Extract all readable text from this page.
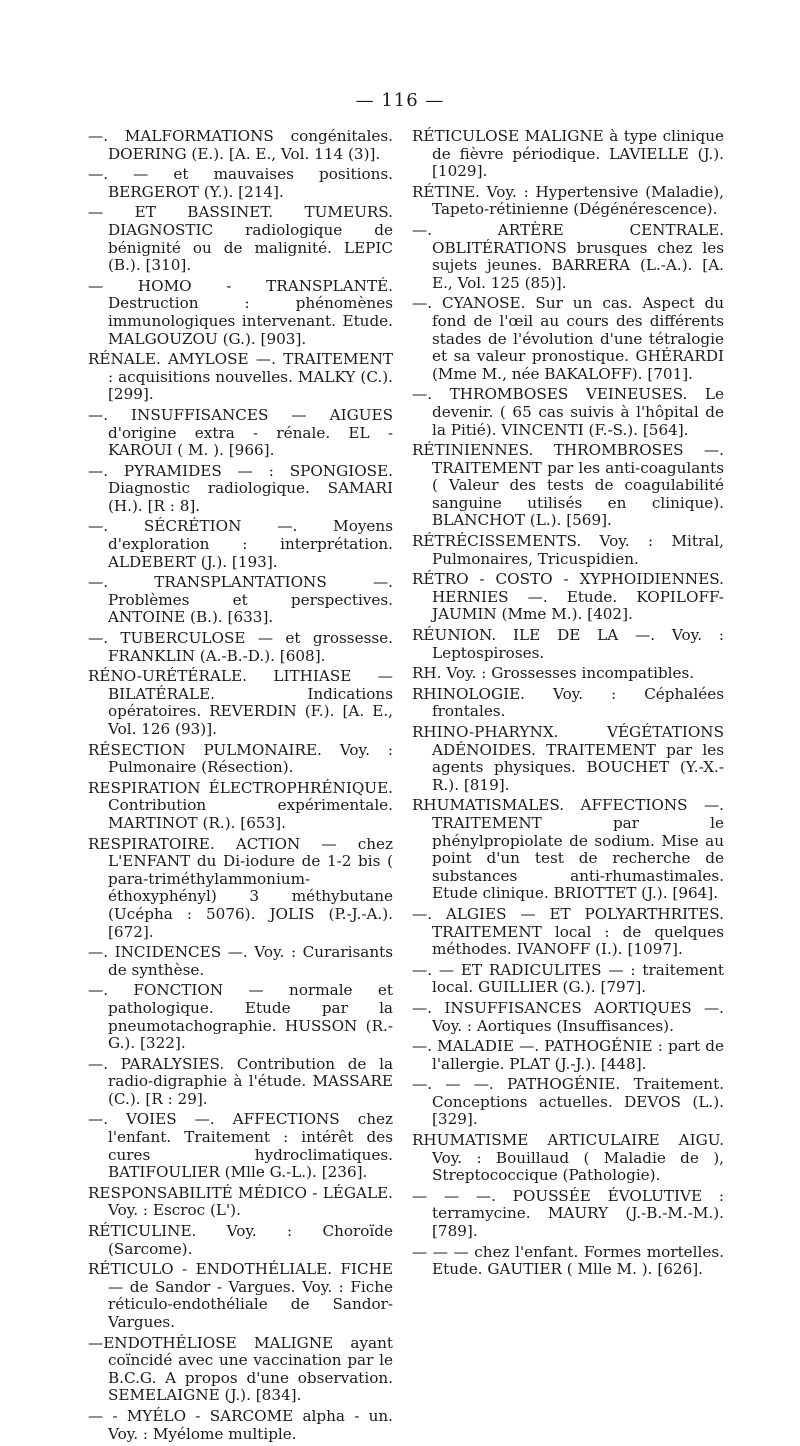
— 116 —

—. MALFORMATIONS congénitales. DOERING (E.). [A. E., Vol. 114 (3)].

—. — et mauvaises positions. BERGEROT (Y.). [214].

— ET BASSINET. TUMEURS. DIAGNOSTIC radiologique de bénignité ou de malignité. LEPIC (B.). [310].

— HOMO - TRANSPLANTÉ. Destruction : phénomènes immunologiques intervenant. Etude. MALGOUZOU (G.). [903].

RÉNALE. AMYLOSE —. TRAITEMENT : acquisitions nouvelles. MALKY (C.). [299].

—. INSUFFISANCES — AIGUES d'origine extra - rénale. EL - KAROUI ( M. ). [966].

—. PYRAMIDES — : SPONGIOSE. Diagnostic radiologique. SAMARI (H.). [R : 8].

—. SÉCRÉTION —. Moyens d'exploration : interprétation. ALDEBERT (J.). [193].

—. TRANSPLANTATIONS —. Problèmes et perspectives. ANTOINE (B.). [633].

—. TUBERCULOSE — et grossesse. FRANKLIN (A.-B.-D.). [608].

RÉNO-URÉTÉRALE. LITHIASE — BILATÉRALE. Indications opératoires. REVERDIN (F.). [A. E., Vol. 126 (93)].

RÉSECTION PULMONAIRE. Voy. : Pulmonaire (Résection).

RESPIRATION ÉLECTROPHRÉNIQUE. Contribution expérimentale. MARTINOT (R.). [653].

RESPIRATOIRE. ACTION — chez L'ENFANT du Di-iodure de 1-2 bis ( para-triméthylammonium-éthoxyphényl) 3 méthybutane (Ucépha : 5076). JOLIS (P.-J.-A.). [672].

—. INCIDENCES —. Voy. : Curarisants de synthèse.

—. FONCTION — normale et pathologique. Etude par la pneumotachographie. HUSSON (R.-G.). [322].

—. PARALYSIES. Contribution de la radio-digraphie à l'étude. MASSARE (C.). [R : 29].

—. VOIES —. AFFECTIONS chez l'enfant. Traitement : intérêt des cures hydroclimatiques. BATIFOULIER (Mlle G.-L.). [236].

RESPONSABILITÉ MÉDICO - LÉGALE. Voy. : Escroc (L').

RÉTICULINE. Voy. : Choroïde (Sarcome).

RÉTICULO - ENDOTHÉLIALE. FICHE — de Sandor - Vargues. Voy. : Fiche réticulo-endothéliale de Sandor-Vargues.

—ENDOTHÉLIOSE MALIGNE ayant coïncidé avec une vaccination par le B.C.G. A propos d'une observation. SEMELAIGNE (J.). [834].

— - MYÉLO - SARCOME alpha - un. Voy. : Myélome multiple.

RÉTICULOSE MALIGNE à type clinique de fièvre périodique. LAVIELLE (J.). [1029].

RÉTINE. Voy. : Hypertensive (Maladie), Tapeto-rétinienne (Dégénérescence).

—. ARTÈRE CENTRALE. OBLITÉRATIONS brusques chez les sujets jeunes. BARRERA (L.-A.). [A. E., Vol. 125 (85)].

—. CYANOSE. Sur un cas. Aspect du fond de l'œil au cours des différents stades de l'évolution d'une tétralogie et sa valeur pronostique. GHÉRARDI (Mme M., née BAKALOFF). [701].

—. THROMBOSES VEINEUSES. Le devenir. ( 65 cas suivis à l'hôpital de la Pitié). VINCENTI (F.-S.). [564].

RÉTINIENNES. THROMBROSES —. TRAITEMENT par les anti-coagulants ( Valeur des tests de coagulabilité sanguine utilisés en clinique). BLANCHOT (L.). [569].

RÉTRÉCISSEMENTS. Voy. : Mitral, Pulmonaires, Tricuspidien.

RÉTRO - COSTO - XYPHOIDIENNES. HERNIES —. Etude. KOPILOFF-JAUMIN (Mme M.). [402].

RÉUNION. ILE DE LA —. Voy. : Leptospiroses.

RH. Voy. : Grossesses incompatibles.

RHINOLOGIE. Voy. : Céphalées frontales.

RHINO-PHARYNX. VÉGÉTATIONS ADÉNOIDES. TRAITEMENT par les agents physiques. BOUCHET (Y.-X.-R.). [819].

RHUMATISMALES. AFFECTIONS —. TRAITEMENT par le phénylpropiolate de sodium. Mise au point d'un test de recherche de substances anti-rhumastimales. Etude clinique. BRIOTTET (J.). [964].

—. ALGIES — ET POLYARTHRITES. TRAITEMENT local : de quelques méthodes. IVANOFF (I.). [1097].

—. — ET RADICULITES — : traitement local. GUILLIER (G.). [797].

—. INSUFFISANCES AORTIQUES —. Voy. : Aortiques (Insuffisances).

—. MALADIE —. PATHOGÉNIE : part de l'allergie. PLAT (J.-J.). [448].

—. — —. PATHOGÉNIE. Traitement. Conceptions actuelles. DEVOS (L.). [329].

RHUMATISME ARTICULAIRE AIGU. Voy. : Bouillaud ( Maladie de ), Streptococcique (Pathologie).

— — —. POUSSÉE ÉVOLUTIVE : terramycine. MAURY (J.-B.-M.-M.). [789].

— — — chez l'enfant. Formes mortelles. Etude. GAUTIER ( Mlle M. ). [626].
